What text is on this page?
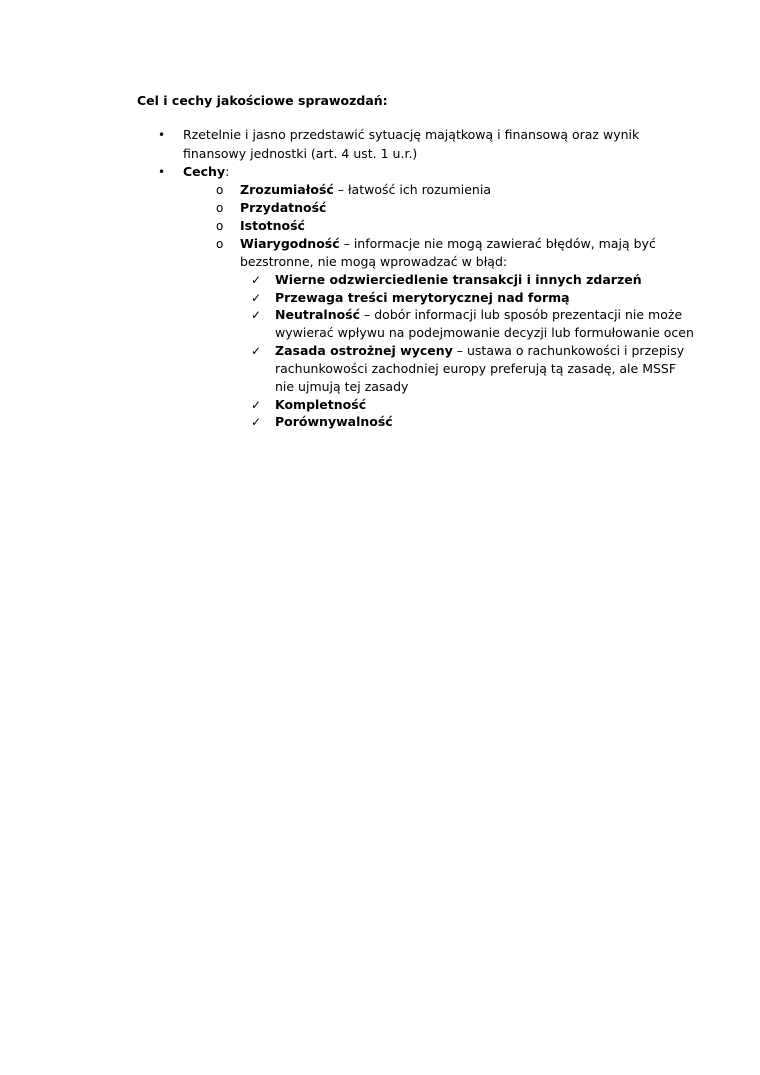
Cel i cechy jakościowe sprawozdań:
• Rzetelnie i jasno przedstawić sytuację majątkową i finansową oraz wynik
finansowy jednostki (art. 4 ust. 1 u.r.)
• Cechy:
o Zrozumiałość – łatwość ich rozumienia
o Przydatność
o Istotność
o Wiarygodność – informacje nie mogą zawierać błędów, mają być
bezstronne, nie mogą wprowadzać w błąd:
✓ Wierne odzwierciedlenie transakcji i innych zdarzeń
✓ Przewaga treści merytorycznej nad formą
✓ Neutralność – dobór informacji lub sposób prezentacji nie może
wywierać wpływu na podejmowanie decyzji lub formułowanie ocen
✓ Zasada ostrożnej wyceny – ustawa o rachunkowości i przepisy
rachunkowości zachodniej europy preferują tą zasadę, ale MSSF
nie ujmują tej zasady
✓ Kompletność
✓ Porównywalność
